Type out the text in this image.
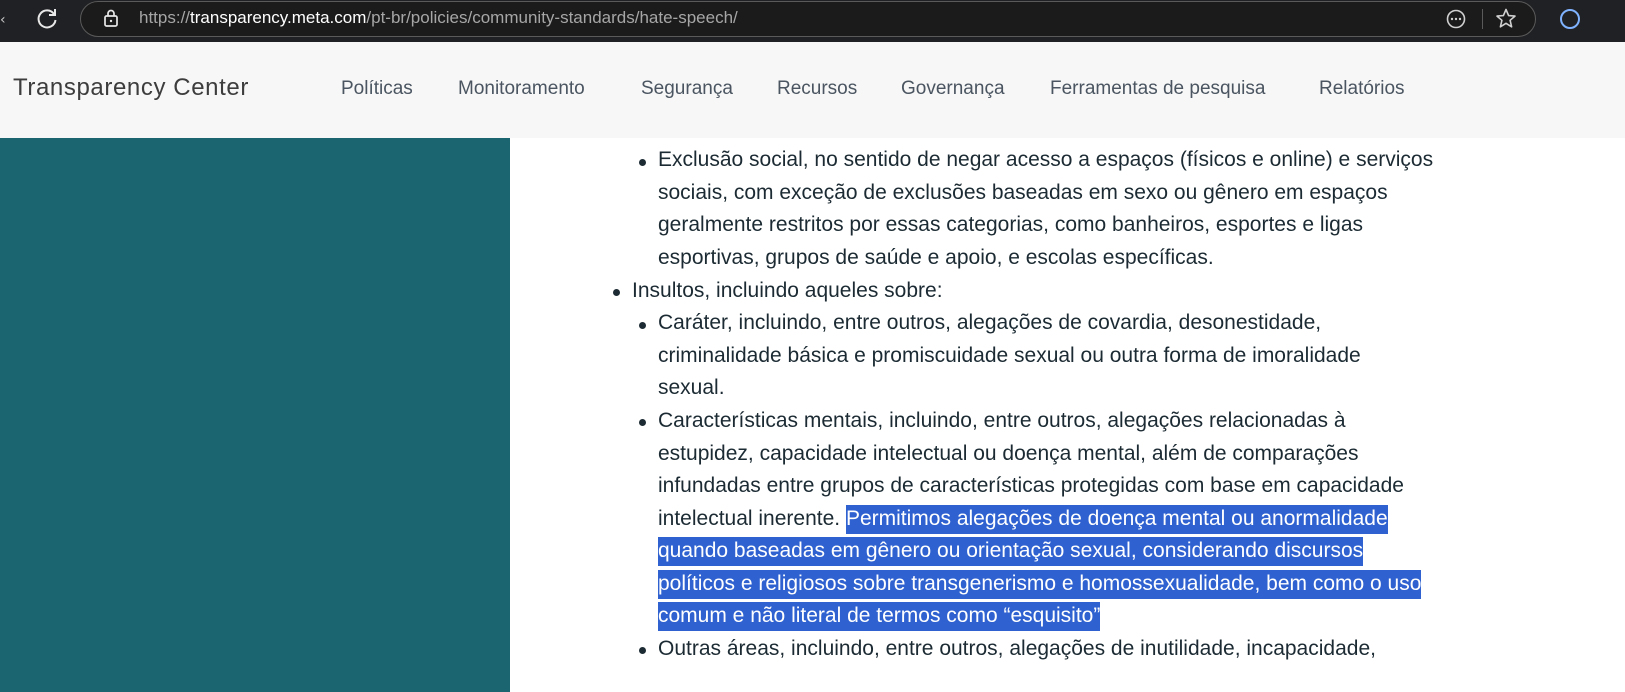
‹	https://transparency.meta.com/pt-br/policies/community-standards/hate-speech/
Transparency Center	Políticas Monitoramento	Segurança Recursos Governança Ferramentas de pesquisa	Relatórios
Exclusão social, no sentido de negar acesso a espaços (físicos e online) e serviços
sociais, com exceção de exclusões baseadas em sexo ou gênero em espaços
geralmente restritos por essas categorias, como banheiros, esportes e ligas
esportivas, grupos de saúde e apoio, e escolas específicas.
Insultos, incluindo aqueles sobre:
Caráter, incluindo, entre outros, alegações de covardia, desonestidade,
criminalidade básica e promiscuidade sexual ou outra forma de imoralidade
sexual.
Características mentais, incluindo, entre outros, alegações relacionadas à
estupidez, capacidade intelectual ou doença mental, além de comparações
infundadas entre grupos de características protegidas com base em capacidade
intelectual inerente. Permitimos alegações de doença mental ou anormalidade
quando baseadas em gênero ou orientação sexual, considerando discursos
políticos e religiosos sobre transgenerismo e homossexualidade, bem como o uso
comum e não literal de termos como “esquisito”
Outras áreas, incluindo, entre outros, alegações de inutilidade, incapacidade,
